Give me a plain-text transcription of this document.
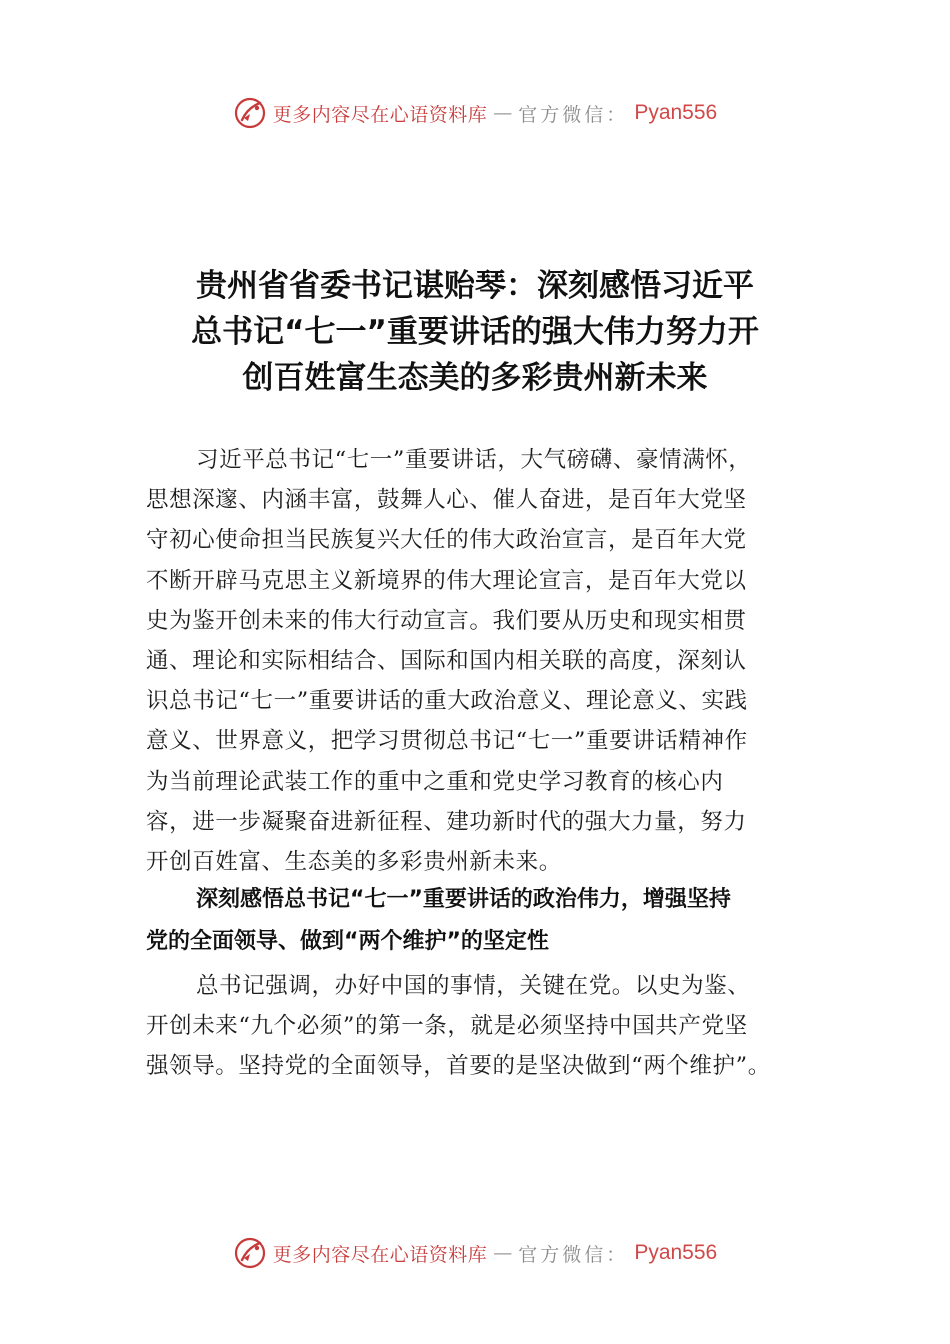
更多内容尽在心语资料库 — 官方微信： Pyan556
贵州省省委书记谌贻琴：深刻感悟习近平
总书记“七一”重要讲话的强大伟力努力开
创百姓富生态美的多彩贵州新未来
习近平总书记“七一”重要讲话，大气磅礴、豪情满怀，
思想深邃、内涵丰富，鼓舞人心、催人奋进，是百年大党坚
守初心使命担当民族复兴大任的伟大政治宣言，是百年大党
不断开辟马克思主义新境界的伟大理论宣言，是百年大党以
史为鉴开创未来的伟大行动宣言。我们要从历史和现实相贯
通、理论和实际相结合、国际和国内相关联的高度，深刻认
识总书记“七一”重要讲话的重大政治意义、理论意义、实践
意义、世界意义，把学习贯彻总书记“七一”重要讲话精神作
为当前理论武装工作的重中之重和党史学习教育的核心内
容，进一步凝聚奋进新征程、建功新时代的强大力量，努力
开创百姓富、生态美的多彩贵州新未来。
深刻感悟总书记“七一”重要讲话的政治伟力，增强坚持
党的全面领导、做到“两个维护”的坚定性
总书记强调，办好中国的事情，关键在党。以史为鉴、
开创未来“九个必须”的第一条，就是必须坚持中国共产党坚
强领导。坚持党的全面领导，首要的是坚决做到“两个维护”。
更多内容尽在心语资料库 — 官方微信： Pyan556
